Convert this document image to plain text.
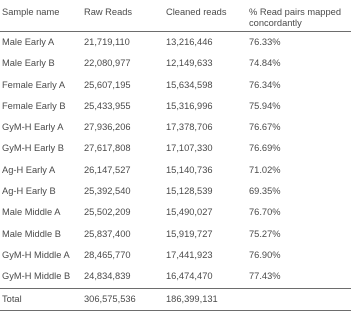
Sample name	Raw Reads	Cleaned reads	% Read pairs mapped concordantly
Male Early A	21,719,110	13,216,446	76.33%
Male Early B	22,080,977	12,149,633	74.84%
Female Early A	25,607,195	15,634,598	76.34%
Female Early B	25,433,955	15,316,996	75.94%
GyM-H Early A	27,936,206	17,378,706	76.67%
GyM-H Early B	27,617,808	17,107,330	76.69%
Ag-H Early A	26,147,527	15,140,736	71.02%
Ag-H Early B	25,392,540	15,128,539	69.35%
Male Middle A	25,502,209	15,490,027	76.70%
Male Middle B	25,837,400	15,919,727	75.27%
GyM-H Middle A	28,465,770	17,441,923	76.90%
GyM-H Middle B	24,834,839	16,474,470	77.43%
Total	306,575,536	186,399,131	
